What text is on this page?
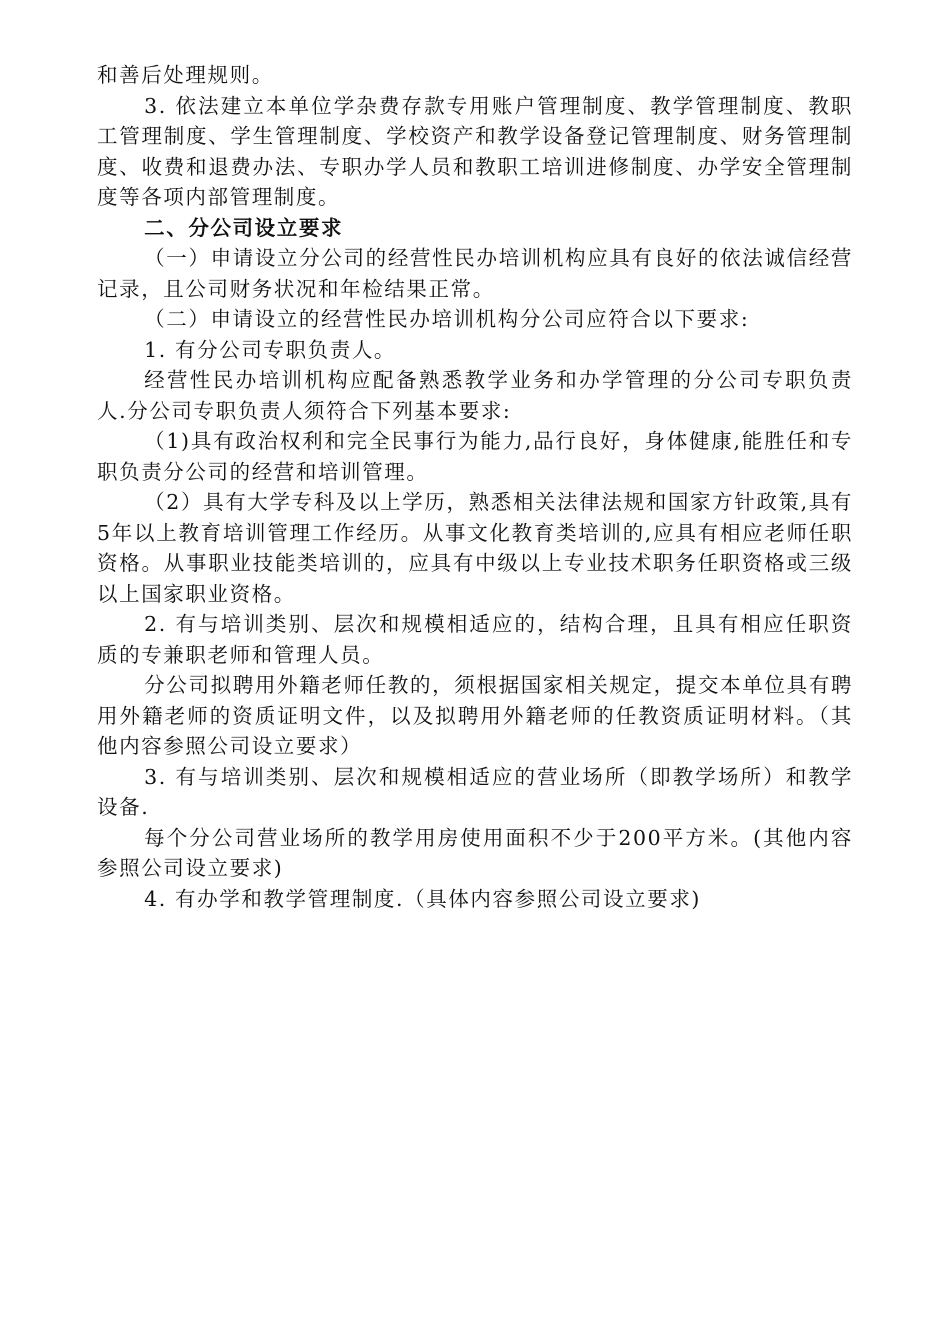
和善后处理规则。

3. 依法建立本单位学杂费存款专用账户管理制度、教学管理制度、教职工管理制度、学生管理制度、学校资产和教学设备登记管理制度、财务管理制度、收费和退费办法、专职办学人员和教职工培训进修制度、办学安全管理制度等各项内部管理制度。

二、分公司设立要求

（一）申请设立分公司的经营性民办培训机构应具有良好的依法诚信经营记录，且公司财务状况和年检结果正常。

（二）申请设立的经营性民办培训机构分公司应符合以下要求:

1. 有分公司专职负责人。

经营性民办培训机构应配备熟悉教学业务和办学管理的分公司专职负责人.分公司专职负责人须符合下列基本要求:

（1)具有政治权利和完全民事行为能力,品行良好，身体健康,能胜任和专职负责分公司的经营和培训管理。

（2）具有大学专科及以上学历，熟悉相关法律法规和国家方针政策,具有5年以上教育培训管理工作经历。从事文化教育类培训的,应具有相应老师任职资格。从事职业技能类培训的，应具有中级以上专业技术职务任职资格或三级以上国家职业资格。

2. 有与培训类别、层次和规模相适应的，结构合理，且具有相应任职资质的专兼职老师和管理人员。

分公司拟聘用外籍老师任教的，须根据国家相关规定，提交本单位具有聘用外籍老师的资质证明文件，以及拟聘用外籍老师的任教资质证明材料。（其他内容参照公司设立要求）

3. 有与培训类别、层次和规模相适应的营业场所（即教学场所）和教学设备.

每个分公司营业场所的教学用房使用面积不少于200平方米。(其他内容参照公司设立要求)

4. 有办学和教学管理制度.（具体内容参照公司设立要求)
